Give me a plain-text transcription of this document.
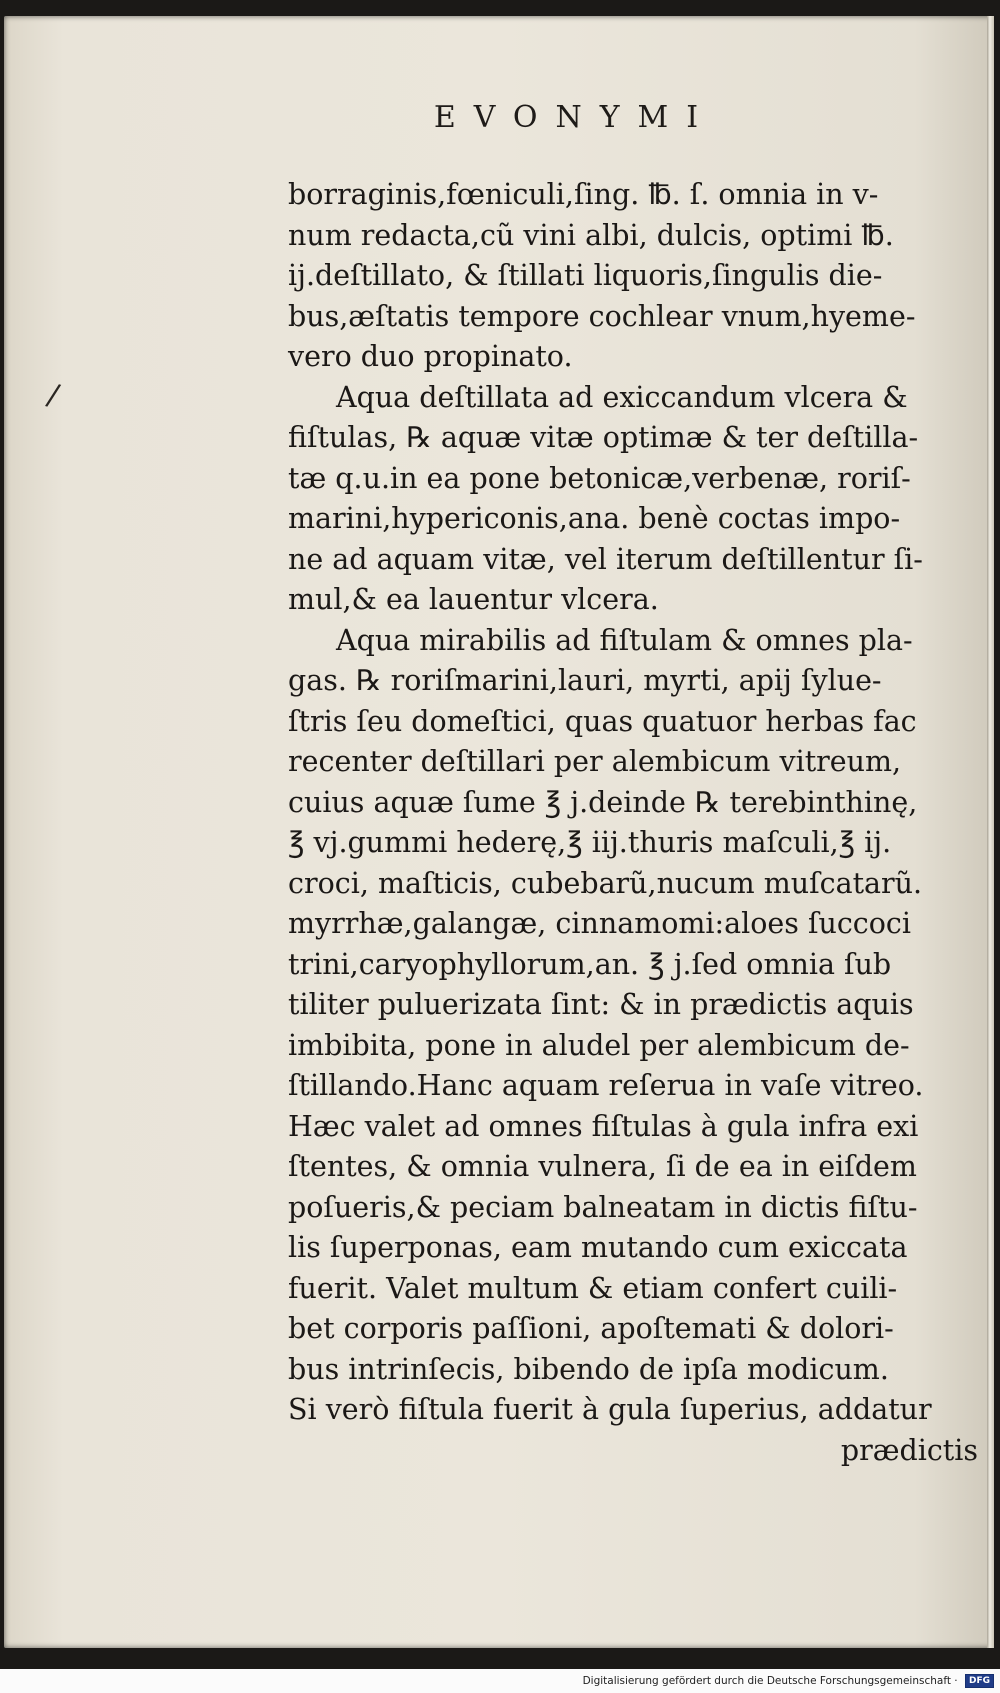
EVONYMI
/
borraginis,fœniculi,ſing. ℔. ſ. omnia in v-
num redacta,cũ vini albi, dulcis, optimi ℔.
ij.deſtillato, & ſtillati liquoris,ſingulis die-
bus,æſtatis tempore cochlear vnum,hyeme-
vero duo propinato.
Aqua deſtillata ad exiccandum vlcera &
fiſtulas, ℞ aquæ vitæ optimæ & ter deſtilla-
tæ q.u.in ea pone betonicæ,verbenæ, roriſ-
marini,hypericonis,ana. benè coctas impo-
ne ad aquam vitæ, vel iterum deſtillentur ſi-
mul,& ea lauentur vlcera.
Aqua mirabilis ad fiſtulam & omnes pla-
gas. ℞ roriſmarini,lauri, myrti, apij ſylue-
ſtris ſeu domeſtici, quas quatuor herbas fac
recenter deſtillari per alembicum vitreum,
cuius aquæ ſume ℥ j.deinde ℞ terebinthinę,
℥ vj.gummi hederę,℥ iij.thuris maſculi,℥ ij.
croci, maſticis, cubebarũ,nucum muſcatarũ.
myrrhæ,galangæ, cinnamomi:aloes ſuccoci
trini,caryophyllorum,an. ℥ j.ſed omnia ſub
tiliter puluerizata ſint: & in prædictis aquis
imbibita, pone in aludel per alembicum de-
ſtillando.Hanc aquam reſerua in vaſe vitreo.
Hæc valet ad omnes fiſtulas à gula infra exi
ſtentes, & omnia vulnera, ſi de ea in eiſdem
poſueris,& peciam balneatam in dictis fiſtu-
lis ſuperponas, eam mutando cum exiccata
fuerit. Valet multum & etiam confert cuili-
bet corporis paſſioni, apoſtemati & dolori-
bus intrinſecis, bibendo de ipſa modicum.
Si verò fiſtula fuerit à gula ſuperius, addatur
prædictis
Digitalisierung gefördert durch die Deutsche Forschungsgemeinschaft · DFG
